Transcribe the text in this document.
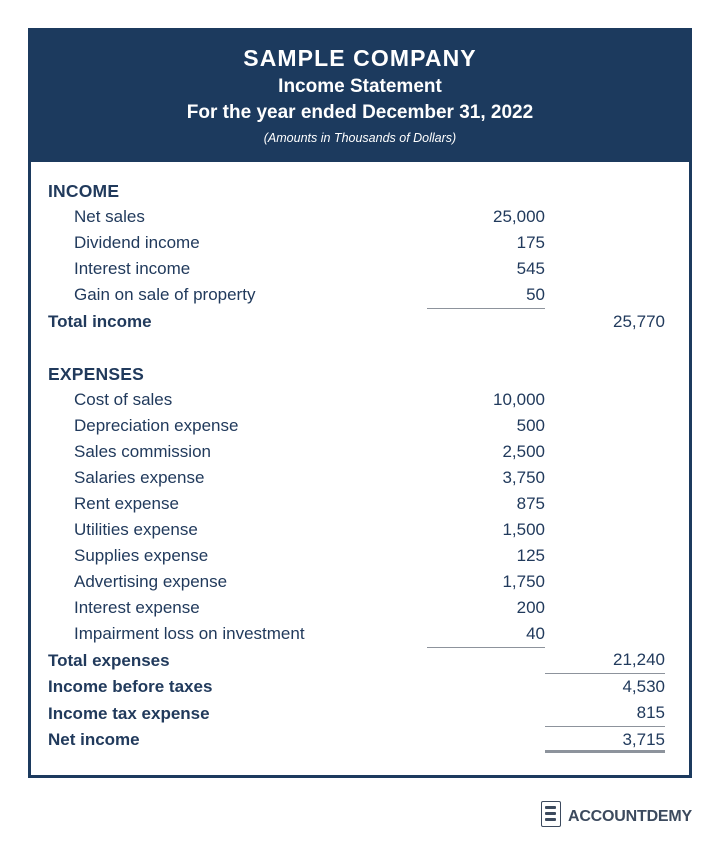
SAMPLE COMPANY
Income Statement
For the year ended December 31, 2022
(Amounts in Thousands of Dollars)
INCOME		
Net sales	25,000	
Dividend income	175	
Interest income	545	
Gain on sale of property	50	
Total income		25,770

EXPENSES		
Cost of sales	10,000	
Depreciation expense	500	
Sales commission	2,500	
Salaries expense	3,750	
Rent expense	875	
Utilities expense	1,500	
Supplies expense	125	
Advertising expense	1,750	
Interest expense	200	
Impairment loss on investment	40	
Total expenses		21,240
Income before taxes		4,530
Income tax expense		815
Net income		3,715
accountdemy
